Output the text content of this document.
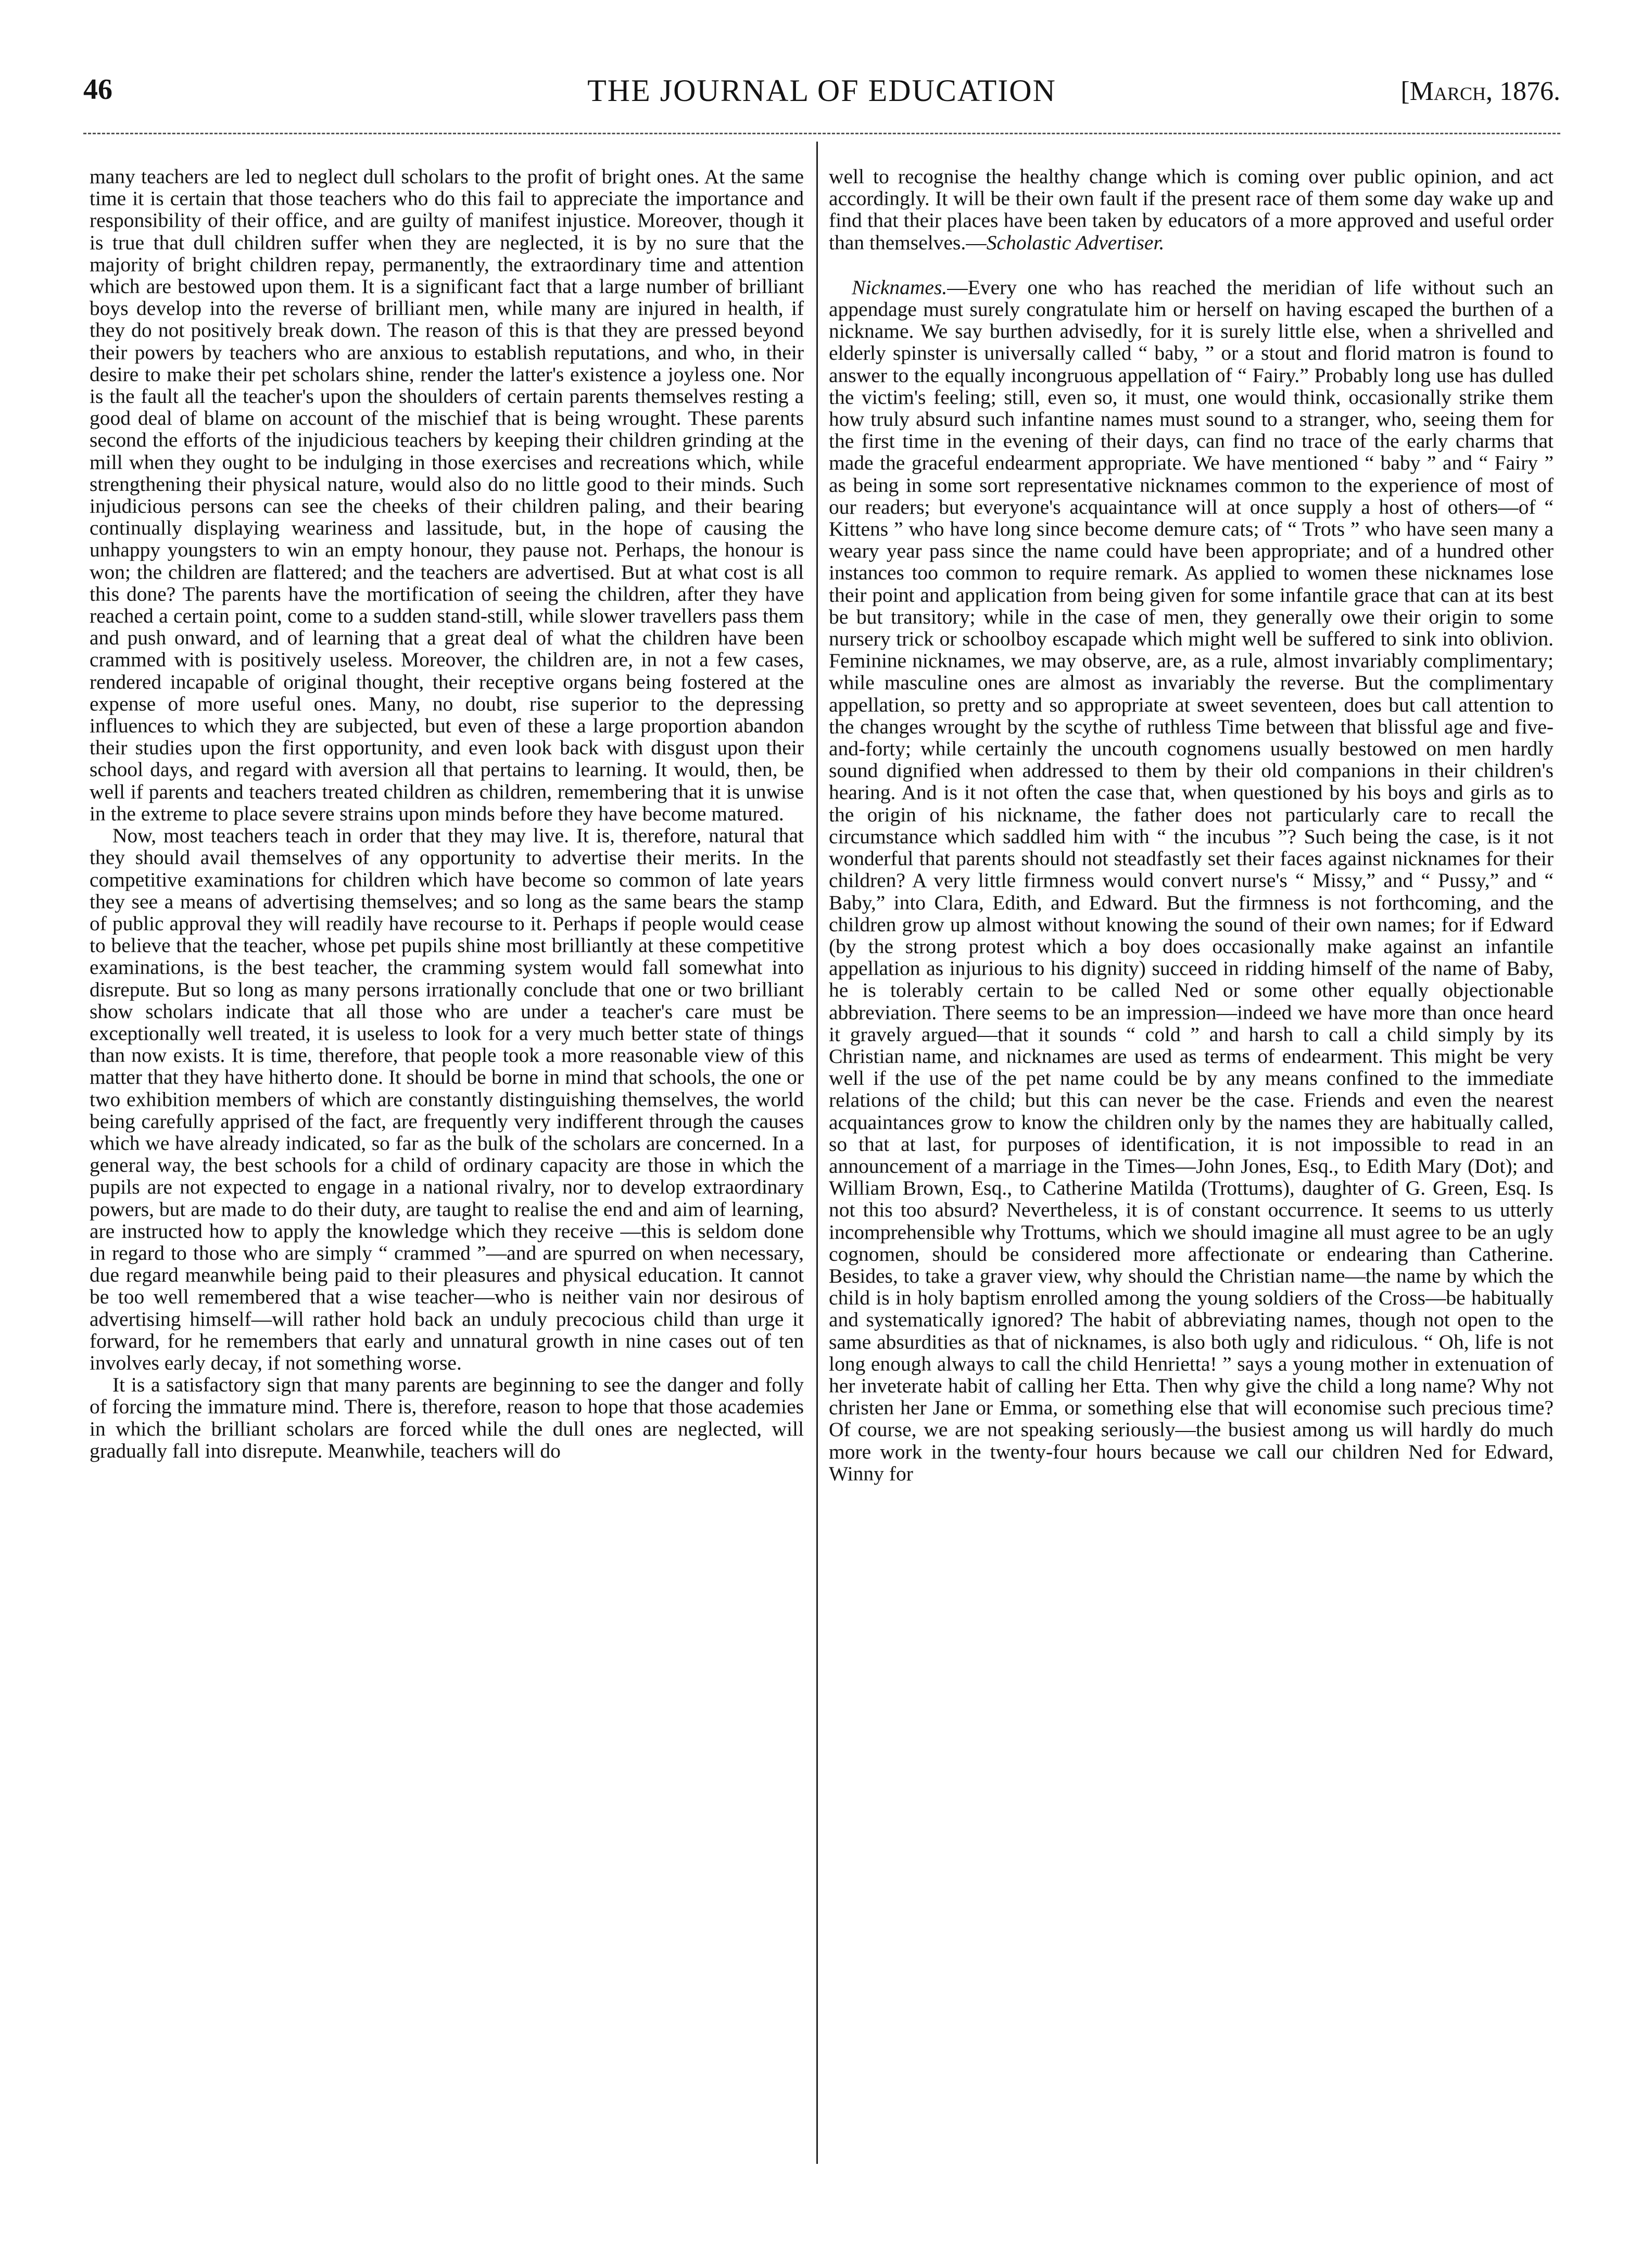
46	THE JOURNAL OF EDUCATION	[March, 1876.

many teachers are led to neglect dull scholars to the profit of bright ones. At the same time it is certain that those teachers who do this fail to appreciate the importance and responsibility of their office, and are guilty of manifest injustice. Moreover, though it is true that dull children suffer when they are neglected, it is by no sure that the majority of bright children repay, permanently, the extraordinary time and attention which are bestowed upon them. It is a significant fact that a large number of brilliant boys develop into the reverse of brilliant men, while many are injured in health, if they do not positively break down. The reason of this is that they are pressed beyond their powers by teachers who are anxious to establish reputations, and who, in their desire to make their pet scholars shine, render the latter's existence a joyless one. Nor is the fault all the teacher's upon the shoulders of certain parents themselves resting a good deal of blame on account of the mischief that is being wrought. These parents second the efforts of the injudicious teachers by keeping their children grinding at the mill when they ought to be indulging in those exercises and recreations which, while strengthening their physical nature, would also do no little good to their minds. Such injudicious persons can see the cheeks of their children paling, and their bearing continually displaying weariness and lassitude, but, in the hope of causing the unhappy youngsters to win an empty honour, they pause not. Perhaps, the honour is won; the children are flattered; and the teachers are advertised. But at what cost is all this done? The parents have the mortification of seeing the children, after they have reached a certain point, come to a sudden stand-still, while slower travellers pass them and push onward, and of learning that a great deal of what the children have been crammed with is positively useless. Moreover, the children are, in not a few cases, rendered incapable of original thought, their receptive organs being fostered at the expense of more useful ones. Many, no doubt, rise superior to the depressing influences to which they are subjected, but even of these a large proportion abandon their studies upon the first opportunity, and even look back with disgust upon their school days, and regard with aversion all that pertains to learning. It would, then, be well if parents and teachers treated children as children, remembering that it is unwise in the extreme to place severe strains upon minds before they have become matured.

Now, most teachers teach in order that they may live. It is, therefore, natural that they should avail themselves of any opportunity to advertise their merits. In the competitive examinations for children which have become so common of late years they see a means of advertising themselves; and so long as the same bears the stamp of public approval they will readily have recourse to it. Perhaps if people would cease to believe that the teacher, whose pet pupils shine most brilliantly at these competitive examinations, is the best teacher, the cramming system would fall somewhat into disrepute. But so long as many persons irrationally conclude that one or two brilliant show scholars indicate that all those who are under a teacher's care must be exceptionally well treated, it is useless to look for a very much better state of things than now exists. It is time, therefore, that people took a more reasonable view of this matter that they have hitherto done. It should be borne in mind that schools, the one or two exhibition members of which are constantly distinguishing themselves, the world being carefully apprised of the fact, are frequently very indifferent through the causes which we have already indicated, so far as the bulk of the scholars are concerned. In a general way, the best schools for a child of ordinary capacity are those in which the pupils are not expected to engage in a national rivalry, nor to develop extraordinary powers, but are made to do their duty, are taught to realise the end and aim of learning, are instructed how to apply the knowledge which they receive —this is seldom done in regard to those who are simply “ crammed ”—and are spurred on when necessary, due regard meanwhile being paid to their pleasures and physical education. It cannot be too well remembered that a wise teacher—who is neither vain nor desirous of advertising himself—will rather hold back an unduly precocious child than urge it forward, for he remembers that early and unnatural growth in nine cases out of ten involves early decay, if not something worse.

It is a satisfactory sign that many parents are beginning to see the danger and folly of forcing the immature mind. There is, therefore, reason to hope that those academies in which the brilliant scholars are forced while the dull ones are neglected, will gradually fall into disrepute. Meanwhile, teachers will do

well to recognise the healthy change which is coming over public opinion, and act accordingly. It will be their own fault if the present race of them some day wake up and find that their places have been taken by educators of a more approved and useful order than themselves.—Scholastic Advertiser.

Nicknames.—Every one who has reached the meridian of life without such an appendage must surely congratulate him or herself on having escaped the burthen of a nickname. We say burthen advisedly, for it is surely little else, when a shrivelled and elderly spinster is universally called “ baby, ” or a stout and florid matron is found to answer to the equally incongruous appellation of “ Fairy.” Probably long use has dulled the victim's feeling; still, even so, it must, one would think, occasionally strike them how truly absurd such infantine names must sound to a stranger, who, seeing them for the first time in the evening of their days, can find no trace of the early charms that made the graceful endearment appropriate. We have mentioned “ baby ” and “ Fairy ” as being in some sort representative nicknames common to the experience of most of our readers; but everyone's acquaintance will at once supply a host of others—of “ Kittens ” who have long since become demure cats; of “ Trots ” who have seen many a weary year pass since the name could have been appropriate; and of a hundred other instances too common to require remark. As applied to women these nicknames lose their point and application from being given for some infantile grace that can at its best be but transitory; while in the case of men, they generally owe their origin to some nursery trick or schoolboy escapade which might well be suffered to sink into oblivion. Feminine nicknames, we may observe, are, as a rule, almost invariably complimentary; while masculine ones are almost as invariably the reverse. But the complimentary appellation, so pretty and so appropriate at sweet seventeen, does but call attention to the changes wrought by the scythe of ruthless Time between that blissful age and five-and-forty; while certainly the uncouth cognomens usually bestowed on men hardly sound dignified when addressed to them by their old companions in their children's hearing. And is it not often the case that, when questioned by his boys and girls as to the origin of his nickname, the father does not particularly care to recall the circumstance which saddled him with “ the incubus ”? Such being the case, is it not wonderful that parents should not steadfastly set their faces against nicknames for their children? A very little firmness would convert nurse's “ Missy,” and “ Pussy,” and “ Baby,” into Clara, Edith, and Edward. But the firmness is not forthcoming, and the children grow up almost without knowing the sound of their own names; for if Edward (by the strong protest which a boy does occasionally make against an infantile appellation as injurious to his dignity) succeed in ridding himself of the name of Baby, he is tolerably certain to be called Ned or some other equally objectionable abbreviation. There seems to be an impression—indeed we have more than once heard it gravely argued—that it sounds “ cold ” and harsh to call a child simply by its Christian name, and nicknames are used as terms of endearment. This might be very well if the use of the pet name could be by any means confined to the immediate relations of the child; but this can never be the case. Friends and even the nearest acquaintances grow to know the children only by the names they are habitually called, so that at last, for purposes of identification, it is not impossible to read in an announcement of a marriage in the Times—John Jones, Esq., to Edith Mary (Dot); and William Brown, Esq., to Catherine Matilda (Trottums), daughter of G. Green, Esq. Is not this too absurd? Nevertheless, it is of constant occurrence. It seems to us utterly incomprehensible why Trottums, which we should imagine all must agree to be an ugly cognomen, should be considered more affectionate or endearing than Catherine. Besides, to take a graver view, why should the Christian name—the name by which the child is in holy baptism enrolled among the young soldiers of the Cross—be habitually and systematically ignored? The habit of abbreviating names, though not open to the same absurdities as that of nicknames, is also both ugly and ridiculous. “ Oh, life is not long enough always to call the child Henrietta! ” says a young mother in extenuation of her inveterate habit of calling her Etta. Then why give the child a long name? Why not christen her Jane or Emma, or something else that will economise such precious time? Of course, we are not speaking seriously—the busiest among us will hardly do much more work in the twenty-four hours because we call our children Ned for Edward, Winny for
